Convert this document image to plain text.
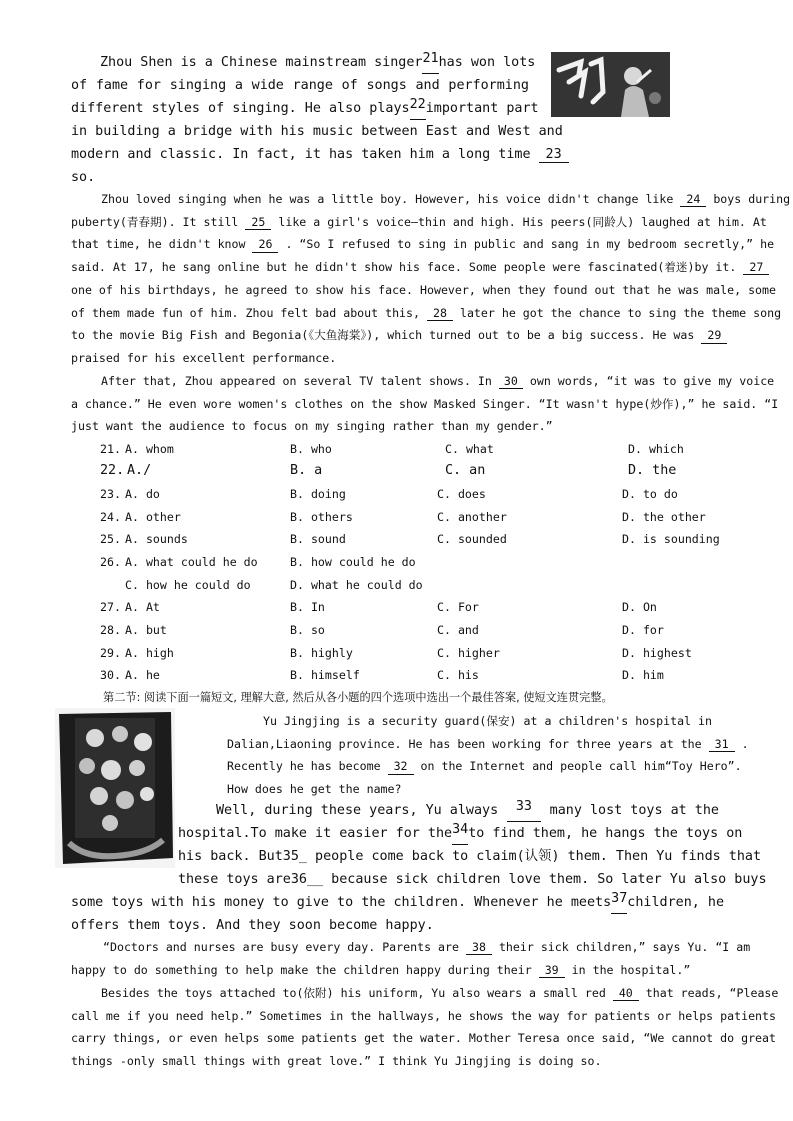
Zhou Shen is a Chinese mainstream singer 21 has won lots
of fame for singing a wide range of songs and performing
different styles of singing. He also plays 22 important part
in building a bridge with his music between East and West and
modern and classic. In fact, it has taken him a long time 23
so.
Zhou loved singing when he was a little boy. However, his voice didn't change like 24 boys during
puberty(青春期). It still 25 like a girl's voice—thin and high. His peers(同龄人) laughed at him. At
that time, he didn't know 26 . “So I refused to sing in public and sang in my bedroom secretly,” he
said. At 17, he sang online but he didn't show his face. Some people were fascinated(着迷)by it. 27
one of his birthdays, he agreed to show his face. However, when they found out that he was male, some
of them made fun of him. Zhou felt bad about this, 28 later he got the chance to sing the theme song
to the movie Big Fish and Begonia(《大鱼海棠》), which turned out to be a big success. He was 29
praised for his excellent performance.
After that, Zhou appeared on several TV talent shows. In 30 own words, “it was to give my voice
a chance.” He even wore women's clothes on the show Masked Singer. “It wasn't hype(炒作),” he said. “I
just want the audience to focus on my singing rather than my gender.”
21. A. whom	B. who	C. what	D. which
22. A./	B. a	C. an	D. the
23. A. do	B. doing	C. does	D. to do
24. A. other	B. others	C. another	D. the other
25. A. sounds	B. sound	C. sounded	D. is sounding
26. A. what could he do	B. how could he do
C. how he could do	D. what he could do
27. A. At	B. In	C. For	D. On
28. A. but	B. so	C. and	D. for
29. A. high	B. highly	C. higher	D. highest
30. A. he	B. himself	C. his	D. him
第二节: 阅读下面一篇短文, 理解大意, 然后从各小题的四个选项中选出一个最佳答案, 使短文连贯完整。
Yu Jingjing is a security guard(保安) at a children's hospital in
Dalian,Liaoning province. He has been working for three years at the 31 .
Recently he has become 32 on the Internet and people call him“Toy Hero”.
How does he get the name?
Well, during these years, Yu always	33	many lost toys at the
hospital.To make it easier for the 34 to find them, he hangs the toys on
his back. But35_ people come back to claim(认领) them. Then Yu finds that
these toys are36__ because sick children love them. So later Yu also buys
some toys with his money to give to the children. Whenever he meets 37 children, he
offers them toys. And they soon become happy.
“Doctors and nurses are busy every day. Parents are 38 their sick children,” says Yu. “I am
happy to do something to help make the children happy during their 39 in the hospital.”
Besides the toys attached to(依附) his uniform, Yu also wears a small red 40 that reads, “Please
call me if you need help.” Sometimes in the hallways, he shows the way for patients or helps patients
carry things, or even helps some patients get the water. Mother Teresa once said, “We cannot do great
things -only small things with great love.” I think Yu Jingjing is doing so.
